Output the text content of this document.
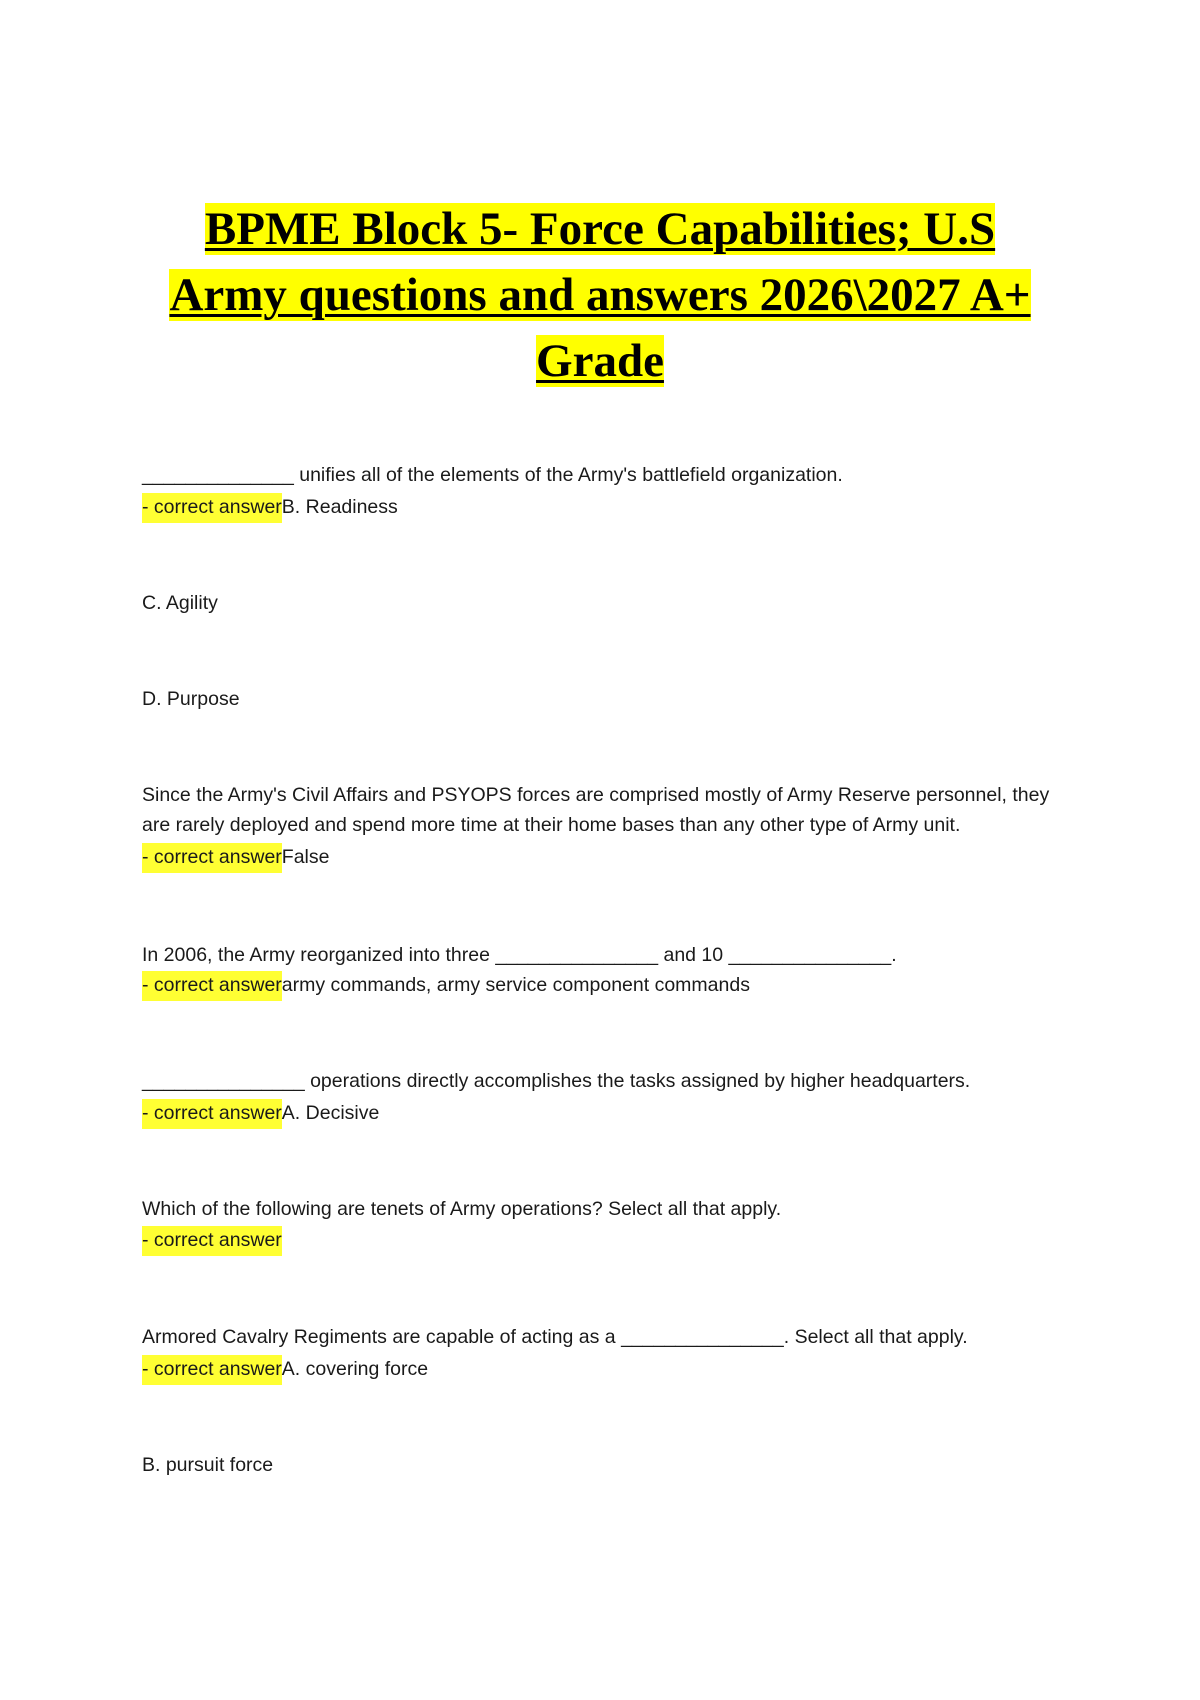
BPME Block 5- Force Capabilities; U.S
Army questions and answers 2026\2027 A+
Grade

______________ unifies all of the elements of the Army's battlefield organization.

- correct answerB. Readiness

C. Agility

D. Purpose

Since the Army's Civil Affairs and PSYOPS forces are comprised mostly of Army Reserve personnel, they

are rarely deployed and spend more time at their home bases than any other type of Army unit.

- correct answerFalse

In 2006, the Army reorganized into three _______________ and 10 _______________.

- correct answerarmy commands, army service component commands

_______________ operations directly accomplishes the tasks assigned by higher headquarters.

- correct answerA. Decisive

Which of the following are tenets of Army operations? Select all that apply.

- correct answer

Armored Cavalry Regiments are capable of acting as a _______________. Select all that apply.

- correct answerA. covering force

B. pursuit force
